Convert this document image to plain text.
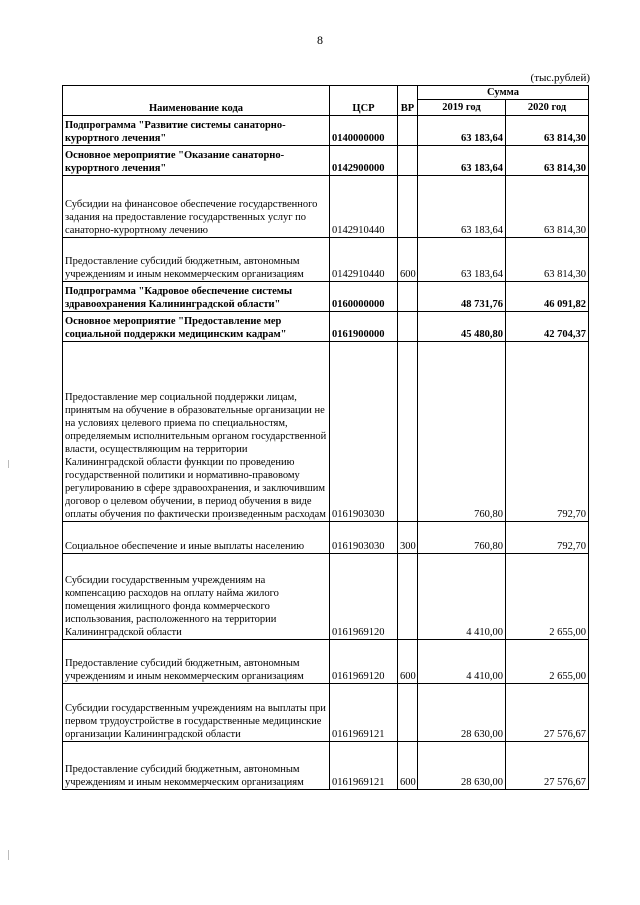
8
(тыс.рублей)
Наименование кода	ЦСР	ВР	Сумма	
			2019 год	2020 год
Подпрограмма "Развитие системы санаторно-курортного лечения"	0140000000		63 183,64	63 814,30
Основное мероприятие "Оказание санаторно-курортного лечения"	0142900000		63 183,64	63 814,30
Субсидии на финансовое обеспечение государственного задания на предоставление государственных услуг по санаторно-курортному лечению	0142910440		63 183,64	63 814,30
Предоставление субсидий бюджетным, автономным учреждениям и иным некоммерческим организациям	0142910440	600	63 183,64	63 814,30
Подпрограмма "Кадровое обеспечение системы здравоохранения Калининградской области"	0160000000		48 731,76	46 091,82
Основное мероприятие "Предоставление мер социальной поддержки медицинским кадрам"	0161900000		45 480,80	42 704,37
Предоставление мер социальной поддержки лицам, принятым на обучение в образовательные организации не на условиях целевого приема по специальностям, определяемым исполнительным органом государственной власти, осуществляющим на территории Калининградской области функции по проведению государственной политики и нормативно-правовому регулированию в сфере здравоохранения, и заключившим договор о целевом обучении, в период обучения в виде оплаты обучения по фактически произведенным расходам	0161903030		760,80	792,70
Социальное обеспечение и иные выплаты населению	0161903030	300	760,80	792,70
Субсидии государственным учреждениям на компенсацию расходов на оплату найма жилого помещения жилищного фонда коммерческого использования, расположенного на территории Калининградской области	0161969120		4 410,00	2 655,00
Предоставление субсидий бюджетным, автономным учреждениям и иным некоммерческим организациям	0161969120	600	4 410,00	2 655,00
Субсидии государственным учреждениям на выплаты при первом трудоустройстве в государственные медицинские организации Калининградской области	0161969121		28 630,00	27 576,67
Предоставление субсидий бюджетным, автономным учреждениям и иным некоммерческим организациям	0161969121	600	28 630,00	27 576,67
